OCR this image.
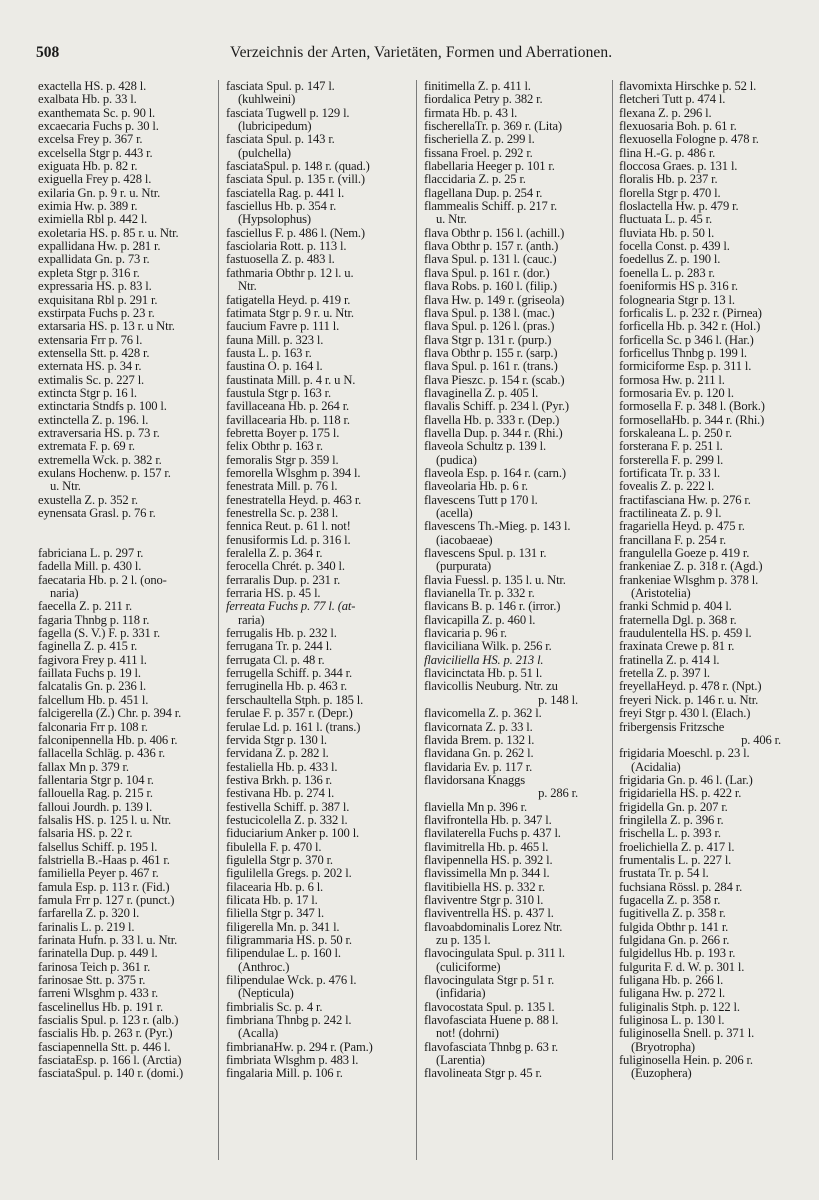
508	Verzeichnis der Arten, Varietäten, Formen und Aberrationen.
exactella HS. p. 428 l.
exalbata Hb. p. 33 l.
exanthemata Sc. p. 90 l.
excaecaria Fuchs p. 30 l.
excelsa Frey p. 367 r.
excelsella Stgr p. 443 r.
exiguata Hb. p. 82 r.
exiguella Frey p. 428 l.
exilaria Gn. p. 9 r. u. Ntr.
eximia Hw. p. 389 r.
eximiella Rbl p. 442 l.
exoletaria HS. p. 85 r. u. Ntr.
expallidana Hw. p. 281 r.
expallidata Gn. p. 73 r.
expleta Stgr p. 316 r.
expressaria HS. p. 83 l.
exquisitana Rbl p. 291 r.
exstirpata Fuchs p. 23 r.
extarsaria HS. p. 13 r. u Ntr.
extensaria Frr p. 76 l.
extensella Stt. p. 428 r.
externata HS. p. 34 r.
extimalis Sc. p. 227 l.
extincta Stgr p. 16 l.
extinctaria Stndfs p. 100 l.
extinctella Z. p. 196. l.
extraversaria HS. p. 73 r.
extremata F. p. 69 r.
extremella Wck. p. 382 r.
exulans Hochenw. p. 157 r.
u. Ntr.
exustella Z. p. 352 r.
eynensata Grasl. p. 76 r.
fabriciana L. p. 297 r.
fadella Mill. p. 430 l.
faecataria Hb. p. 2 l. (ono-
naria)
faecella Z. p. 211 r.
fagaria Thnbg p. 118 r.
fagella (S. V.) F. p. 331 r.
faginella Z. p. 415 r.
fagivora Frey p. 411 l.
faillata Fuchs p. 19 l.
falcatalis Gn. p. 236 l.
falcellum Hb. p. 451 l.
falcigerella (Z.) Chr. p. 394 r.
falconaria Frr p. 108 r.
falconipennella Hb. p. 406 r.
fallacella Schläg. p. 436 r.
fallax Mn p. 379 r.
fallentaria Stgr p. 104 r.
fallouella Rag. p. 215 r.
falloui Jourdh. p. 139 l.
falsalis HS. p. 125 l. u. Ntr.
falsaria HS. p. 22 r.
falsellus Schiff. p. 195 l.
falstriella B.-Haas p. 461 r.
familiella Peyer p. 467 r.
famula Esp. p. 113 r. (Fid.)
famula Frr p. 127 r. (punct.)
farfarella Z. p. 320 l.
farinalis L. p. 219 l.
farinata Hufn. p. 33 l. u. Ntr.
farinatella Dup. p. 449 l.
farinosa Teich p. 361 r.
farinosae Stt. p. 375 r.
farreni Wlsghm p. 433 r.
fascelinellus Hb. p. 191 r.
fascialis Spul. p. 123 r. (alb.)
fascialis Hb. p. 263 r. (Pyr.)
fasciapennella Stt. p. 446 l.
fasciataEsp. p. 166 l. (Arctia)
fasciataSpul. p. 140 r. (domi.)
fasciata Spul. p. 147 l.
(kuhlweini)
fasciata Tugwell p. 129 l.
(lubricipedum)
fasciata Spul. p. 143 r.
(pulchella)
fasciataSpul. p. 148 r. (quad.)
fasciata Spul. p. 135 r. (vill.)
fasciatella Rag. p. 441 l.
fasciellus Hb. p. 354 r.
(Hypsolophus)
fasciellus F. p. 486 l. (Nem.)
fasciolaria Rott. p. 113 l.
fastuosella Z. p. 483 l.
fathmaria Obthr p. 12 l. u.
Ntr.
fatigatella Heyd. p. 419 r.
fatimata Stgr p. 9 r. u. Ntr.
faucium Favre p. 111 l.
fauna Mill. p. 323 l.
fausta L. p. 163 r.
faustina O. p. 164 l.
faustinata Mill. p. 4 r. u N.
faustula Stgr p. 163 r.
favillaceana Hb. p. 264 r.
favillacearia Hb. p. 118 r.
febretta Boyer p. 175 l.
felix Obthr p. 163 r.
femoralis Stgr p. 359 l.
femorella Wlsghm p. 394 l.
fenestrata Mill. p. 76 l.
fenestratella Heyd. p. 463 r.
fenestrella Sc. p. 238 l.
fennica Reut. p. 61 l. not!
fenusiformis Ld. p. 316 l.
feralella Z. p. 364 r.
ferocella Chrét. p. 340 l.
ferraralis Dup. p. 231 r.
ferraria HS. p. 45 l.
ferreata Fuchs p. 77 l. (at-
raria)
ferrugalis Hb. p. 232 l.
ferrugana Tr. p. 244 l.
ferrugata Cl. p. 48 r.
ferrugella Schiff. p. 344 r.
ferruginella Hb. p. 463 r.
ferschaultella Stph. p. 185 l.
ferulae F. p. 357 r. (Depr.)
ferulae Ld. p. 161 l. (trans.)
fervida Stgr p. 130 l.
fervidana Z. p. 282 l.
festaliella Hb. p. 433 l.
festiva Brkh. p. 136 r.
festivana Hb. p. 274 l.
festivella Schiff. p. 387 l.
festucicolella Z. p. 332 l.
fiduciarium Anker p. 100 l.
fibulella F. p. 470 l.
figulella Stgr p. 370 r.
figulilella Gregs. p. 202 l.
filacearia Hb. p. 6 l.
filicata Hb. p. 17 l.
filiella Stgr p. 347 l.
filigerella Mn. p. 341 l.
filigrammaria HS. p. 50 r.
filipendulae L. p. 160 l.
(Anthroc.)
filipendulae Wck. p. 476 l.
(Nepticula)
fimbrialis Sc. p. 4 r.
fimbriana Thnbg p. 242 l.
(Acalla)
fimbrianaHw. p. 294 r. (Pam.)
fimbriata Wlsghm p. 483 l.
fingalaria Mill. p. 106 r.
finitimella Z. p. 411 l.
fiordalica Petry p. 382 r.
firmata Hb. p. 43 l.
fischerellaTr. p. 369 r. (Lita)
fischeriella Z. p. 299 l.
fissana Froel. p. 292 r.
flabellaria Heeger p. 101 r.
flaccidaria Z. p. 25 r.
flagellana Dup. p. 254 r.
flammealis Schiff. p. 217 r.
u. Ntr.
flava Obthr p. 156 l. (achill.)
flava Obthr p. 157 r. (anth.)
flava Spul. p. 131 l. (cauc.)
flava Spul. p. 161 r. (dor.)
flava Robs. p. 160 l. (filip.)
flava Hw. p. 149 r. (griseola)
flava Spul. p. 138 l. (mac.)
flava Spul. p. 126 l. (pras.)
flava Stgr p. 131 r. (purp.)
flava Obthr p. 155 r. (sarp.)
flava Spul. p. 161 r. (trans.)
flava Pieszc. p. 154 r. (scab.)
flavaginella Z. p. 405 l.
flavalis Schiff. p. 234 l. (Pyr.)
flavella Hb. p. 333 r. (Dep.)
flavella Dup. p. 344 r. (Rhi.)
flaveola Schultz p. 139 l.
(pudica)
flaveola Esp. p. 164 r. (carn.)
flaveolaria Hb. p. 6 r.
flavescens Tutt p 170 l.
(acella)
flavescens Th.-Mieg. p. 143 l.
(iacobaeae)
flavescens Spul. p. 131 r.
(purpurata)
flavia Fuessl. p. 135 l. u. Ntr.
flavianella Tr. p. 332 r.
flavicans B. p. 146 r. (irror.)
flavicapilla Z. p. 460 l.
flavicaria p. 96 r.
flaviciliana Wilk. p. 256 r.
flaviciliella HS. p. 213 l.
flavicinctata Hb. p. 51 l.
flavicollis Neuburg. Ntr. zu
p. 148 l.
flavicomella Z. p. 362 l.
flavicornata Z. p. 33 l.
flavida Brem. p. 132 l.
flavidana Gn. p. 262 l.
flavidaria Ev. p. 117 r.
flavidorsana Knaggs
p. 286 r.
flaviella Mn p. 396 r.
flavifrontella Hb. p. 347 l.
flavilaterella Fuchs p. 437 l.
flavimitrella Hb. p. 465 l.
flavipennella HS. p. 392 l.
flavissimella Mn p. 344 l.
flavitibiella HS. p. 332 r.
flaviventre Stgr p. 310 l.
flaviventrella HS. p. 437 l.
flavoabdominalis Lorez Ntr.
zu p. 135 l.
flavocingulata Spul. p. 311 l.
(culiciforme)
flavocingulata Stgr p. 51 r.
(infidaria)
flavocostata Spul. p. 135 l.
flavofasciata Huene p. 88 l.
not! (dohrni)
flavofasciata Thnbg p. 63 r.
(Larentia)
flavolineata Stgr p. 45 r.
flavomixta Hirschke p. 52 l.
fletcheri Tutt p. 474 l.
flexana Z. p. 296 l.
flexuosaria Boh. p. 61 r.
flexuosella Fologne p. 478 r.
flina H.-G. p. 486 r.
floccosa Graes. p. 131 l.
floralis Hb. p. 237 r.
florella Stgr p. 470 l.
floslactella Hw. p. 479 r.
fluctuata L. p. 45 r.
fluviata Hb. p. 50 l.
focella Const. p. 439 l.
foedellus Z. p. 190 l.
foenella L. p. 283 r.
foeniformis HS p. 316 r.
folognearia Stgr p. 13 l.
forficalis L. p. 232 r. (Pirnea)
forficella Hb. p. 342 r. (Hol.)
forficella Sc. p 346 l. (Har.)
forficellus Thnbg p. 199 l.
formiciforme Esp. p. 311 l.
formosa Hw. p. 211 l.
formosaria Ev. p. 120 l.
formosella F. p. 348 l. (Bork.)
formosellaHb. p. 344 r. (Rhi.)
forskaleana L. p. 250 r.
forsterana F. p. 251 l.
forsterella F. p. 299 l.
fortificata Tr. p. 33 l.
fovealis Z. p. 222 l.
fractifasciana Hw. p. 276 r.
fractilineata Z. p. 9 l.
fragariella Heyd. p. 475 r.
francillana F. p. 254 r.
frangulella Goeze p. 419 r.
frankeniae Z. p. 318 r. (Agd.)
frankeniae Wlsghm p. 378 l.
(Aristotelia)
franki Schmid p. 404 l.
fraternella Dgl. p. 368 r.
fraudulentella HS. p. 459 l.
fraxinata Crewe p. 81 r.
fratinella Z. p. 414 l.
fretella Z. p. 397 l.
freyellaHeyd. p. 478 r. (Npt.)
freyeri Nick. p. 146 r. u. Ntr.
freyi Stgr p. 430 l. (Elach.)
fribergensis Fritzsche
p. 406 r.
frigidaria Moeschl. p. 23 l.
(Acidalia)
frigidaria Gn. p. 46 l. (Lar.)
frigidariella HS. p. 422 r.
frigidella Gn. p. 207 r.
fringilella Z. p. 396 r.
frischella L. p. 393 r.
froelichiella Z. p. 417 l.
frumentalis L. p. 227 l.
frustata Tr. p. 54 l.
fuchsiana Rössl. p. 284 r.
fugacella Z. p. 358 r.
fugitivella Z. p. 358 r.
fulgida Obthr p. 141 r.
fulgidana Gn. p. 266 r.
fulgidellus Hb. p. 193 r.
fulgurita F. d. W. p. 301 l.
fuligana Hb. p. 266 l.
fuligana Hw. p. 272 l.
fuliginalis Stph. p. 122 l.
fuliginosa L. p. 130 l.
fuliginosella Snell. p. 371 l.
(Bryotropha)
fuliginosella Hein. p. 206 r.
(Euzophera)
